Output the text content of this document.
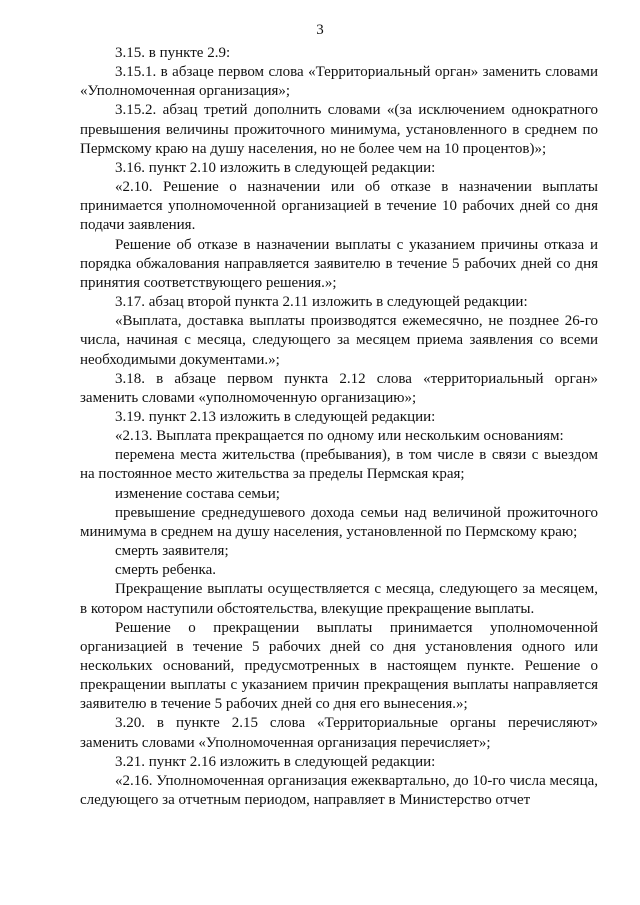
3

3.15. в пункте 2.9:

3.15.1. в абзаце первом слова «Территориальный орган» заменить словами «Уполномоченная организация»;

3.15.2. абзац третий дополнить словами «(за исключением однократного превышения величины прожиточного минимума, установленного в среднем по Пермскому краю на душу населения, но не более чем на 10 процентов)»;

3.16. пункт 2.10 изложить в следующей редакции:

«2.10. Решение о назначении или об отказе в назначении выплаты принимается уполномоченной организацией в течение 10 рабочих дней со дня подачи заявления.

Решение об отказе в назначении выплаты с указанием причины отказа и порядка обжалования направляется заявителю в течение 5 рабочих дней со дня принятия соответствующего решения.»;

3.17. абзац второй пункта 2.11 изложить в следующей редакции:

«Выплата, доставка выплаты производятся ежемесячно, не позднее 26-го числа, начиная с месяца, следующего за месяцем приема заявления со всеми необходимыми документами.»;

3.18. в абзаце первом пункта 2.12 слова «территориальный орган» заменить словами «уполномоченную организацию»;

3.19. пункт 2.13 изложить в следующей редакции:

«2.13. Выплата прекращается по одному или нескольким основаниям:

перемена места жительства (пребывания), в том числе в связи с выездом на постоянное место жительства за пределы Пермская края;

изменение состава семьи;

превышение среднедушевого дохода семьи над величиной прожиточного минимума в среднем на душу населения, установленной по Пермскому краю;

смерть заявителя;

смерть ребенка.

Прекращение выплаты осуществляется с месяца, следующего за месяцем, в котором наступили обстоятельства, влекущие прекращение выплаты.

Решение о прекращении выплаты принимается уполномоченной организацией в течение 5 рабочих дней со дня установления одного или нескольких оснований, предусмотренных в настоящем пункте. Решение о прекращении выплаты с указанием причин прекращения выплаты направляется заявителю в течение 5 рабочих дней со дня его вынесения.»;

3.20. в пункте 2.15 слова «Территориальные органы перечисляют» заменить словами «Уполномоченная организация перечисляет»;

3.21. пункт 2.16 изложить в следующей редакции:

«2.16. Уполномоченная организация ежеквартально, до 10-го числа месяца, следующего за отчетным периодом, направляет в Министерство отчет
